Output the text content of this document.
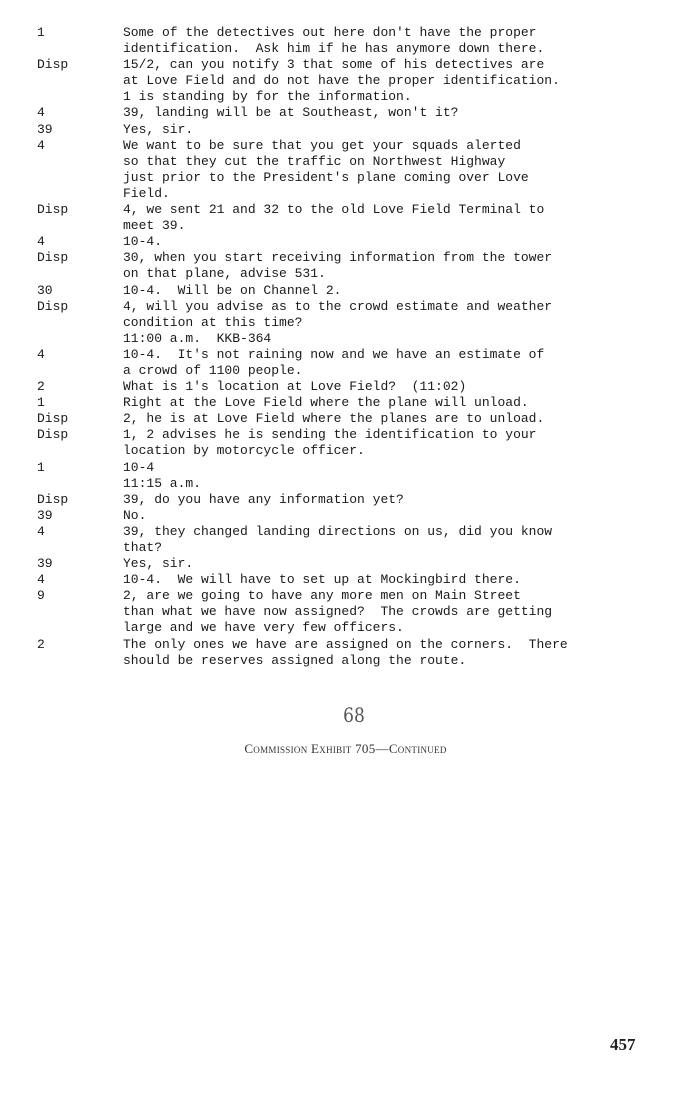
1	Some of the detectives out here don't have the proper
identification.  Ask him if he has anymore down there.
Disp	15/2, can you notify 3 that some of his detectives are
at Love Field and do not have the proper identification.
1 is standing by for the information.
4	39, landing will be at Southeast, won't it?
39	Yes, sir.
4	We want to be sure that you get your squads alerted
so that they cut the traffic on Northwest Highway
just prior to the President's plane coming over Love
Field.
Disp	4, we sent 21 and 32 to the old Love Field Terminal to
meet 39.
4	10-4.
Disp	30, when you start receiving information from the tower
on that plane, advise 531.
30	10-4.  Will be on Channel 2.
Disp	4, will you advise as to the crowd estimate and weather
condition at this time?
11:00 a.m.  KKB-364
4	10-4.  It's not raining now and we have an estimate of
a crowd of 1100 people.
2	What is 1's location at Love Field?  (11:02)
1	Right at the Love Field where the plane will unload.
Disp	2, he is at Love Field where the planes are to unload.
Disp	1, 2 advises he is sending the identification to your
location by motorcycle officer.
1	10-4
11:15 a.m.
Disp	39, do you have any information yet?
39	No.
4	39, they changed landing directions on us, did you know
that?
39	Yes, sir.
4	10-4.  We will have to set up at Mockingbird there.
9	2, are we going to have any more men on Main Street
than what we have now assigned?  The crowds are getting
large and we have very few officers.
2	The only ones we have are assigned on the corners.  There
should be reserves assigned along the route.
68
Commission Exhibit 705—Continued
457
